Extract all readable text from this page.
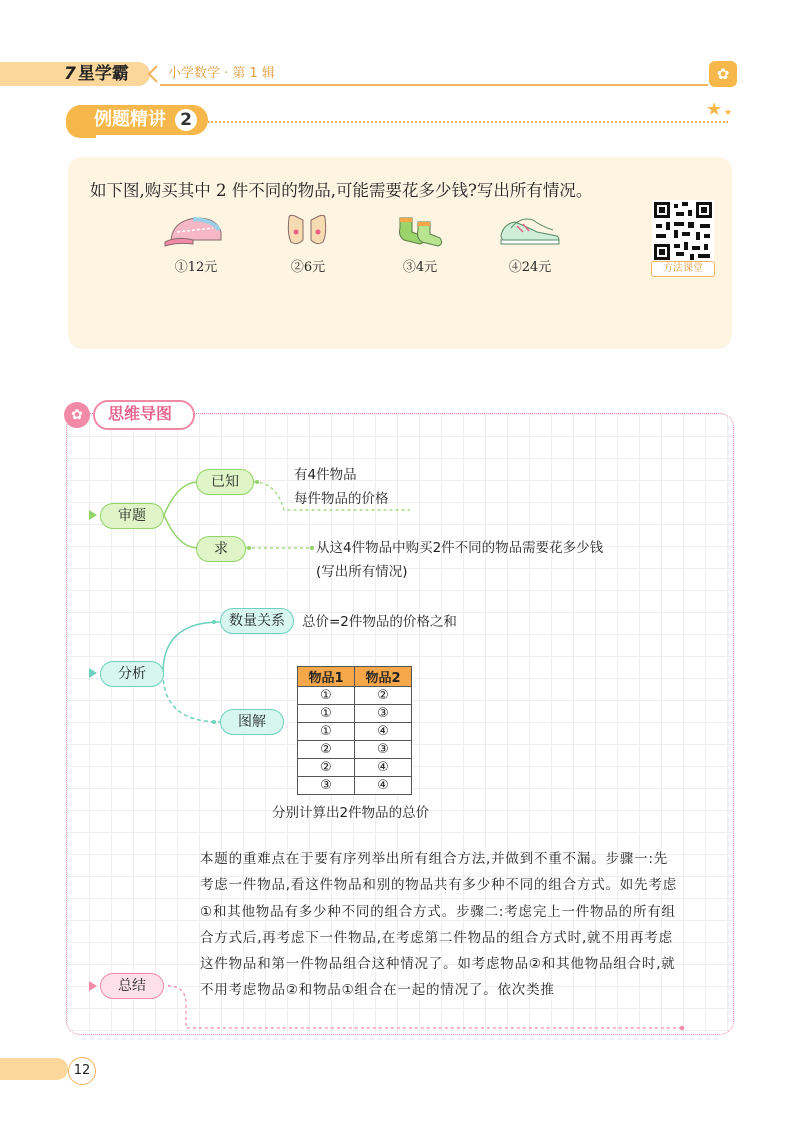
7 星学霸	小学数学 · 第 1 辑	✿
例题精讲 2	★ ★
如下图,购买其中 2 件不同的物品,可能需要花多少钱?写出所有情况。
①12元	②6元	③4元	④24元	方法课堂
✿	思维导图
审题
已知
求
有4件物品
每件物品的价格
从这4件物品中购买2件不同的物品需要花多少钱
(写出所有情况)
分析
数量关系	总价=2件物品的价格之和
图解
物品1	物品2
①	②
①	③
①	④
②	③
②	④
③	④
分别计算出2件物品的总价
总结
本题的重难点在于要有序列举出所有组合方法,并做到不重不漏。步骤一:先考虑一件物品,看这件物品和别的物品共有多少种不同的组合方式。如先考虑①和其他物品有多少种不同的组合方式。步骤二:考虑完上一件物品的所有组合方式后,再考虑下一件物品,在考虑第二件物品的组合方式时,就不用再考虑这件物品和第一件物品组合这种情况了。如考虑物品②和其他物品组合时,就不用考虑物品②和物品①组合在一起的情况了。依次类推
12
